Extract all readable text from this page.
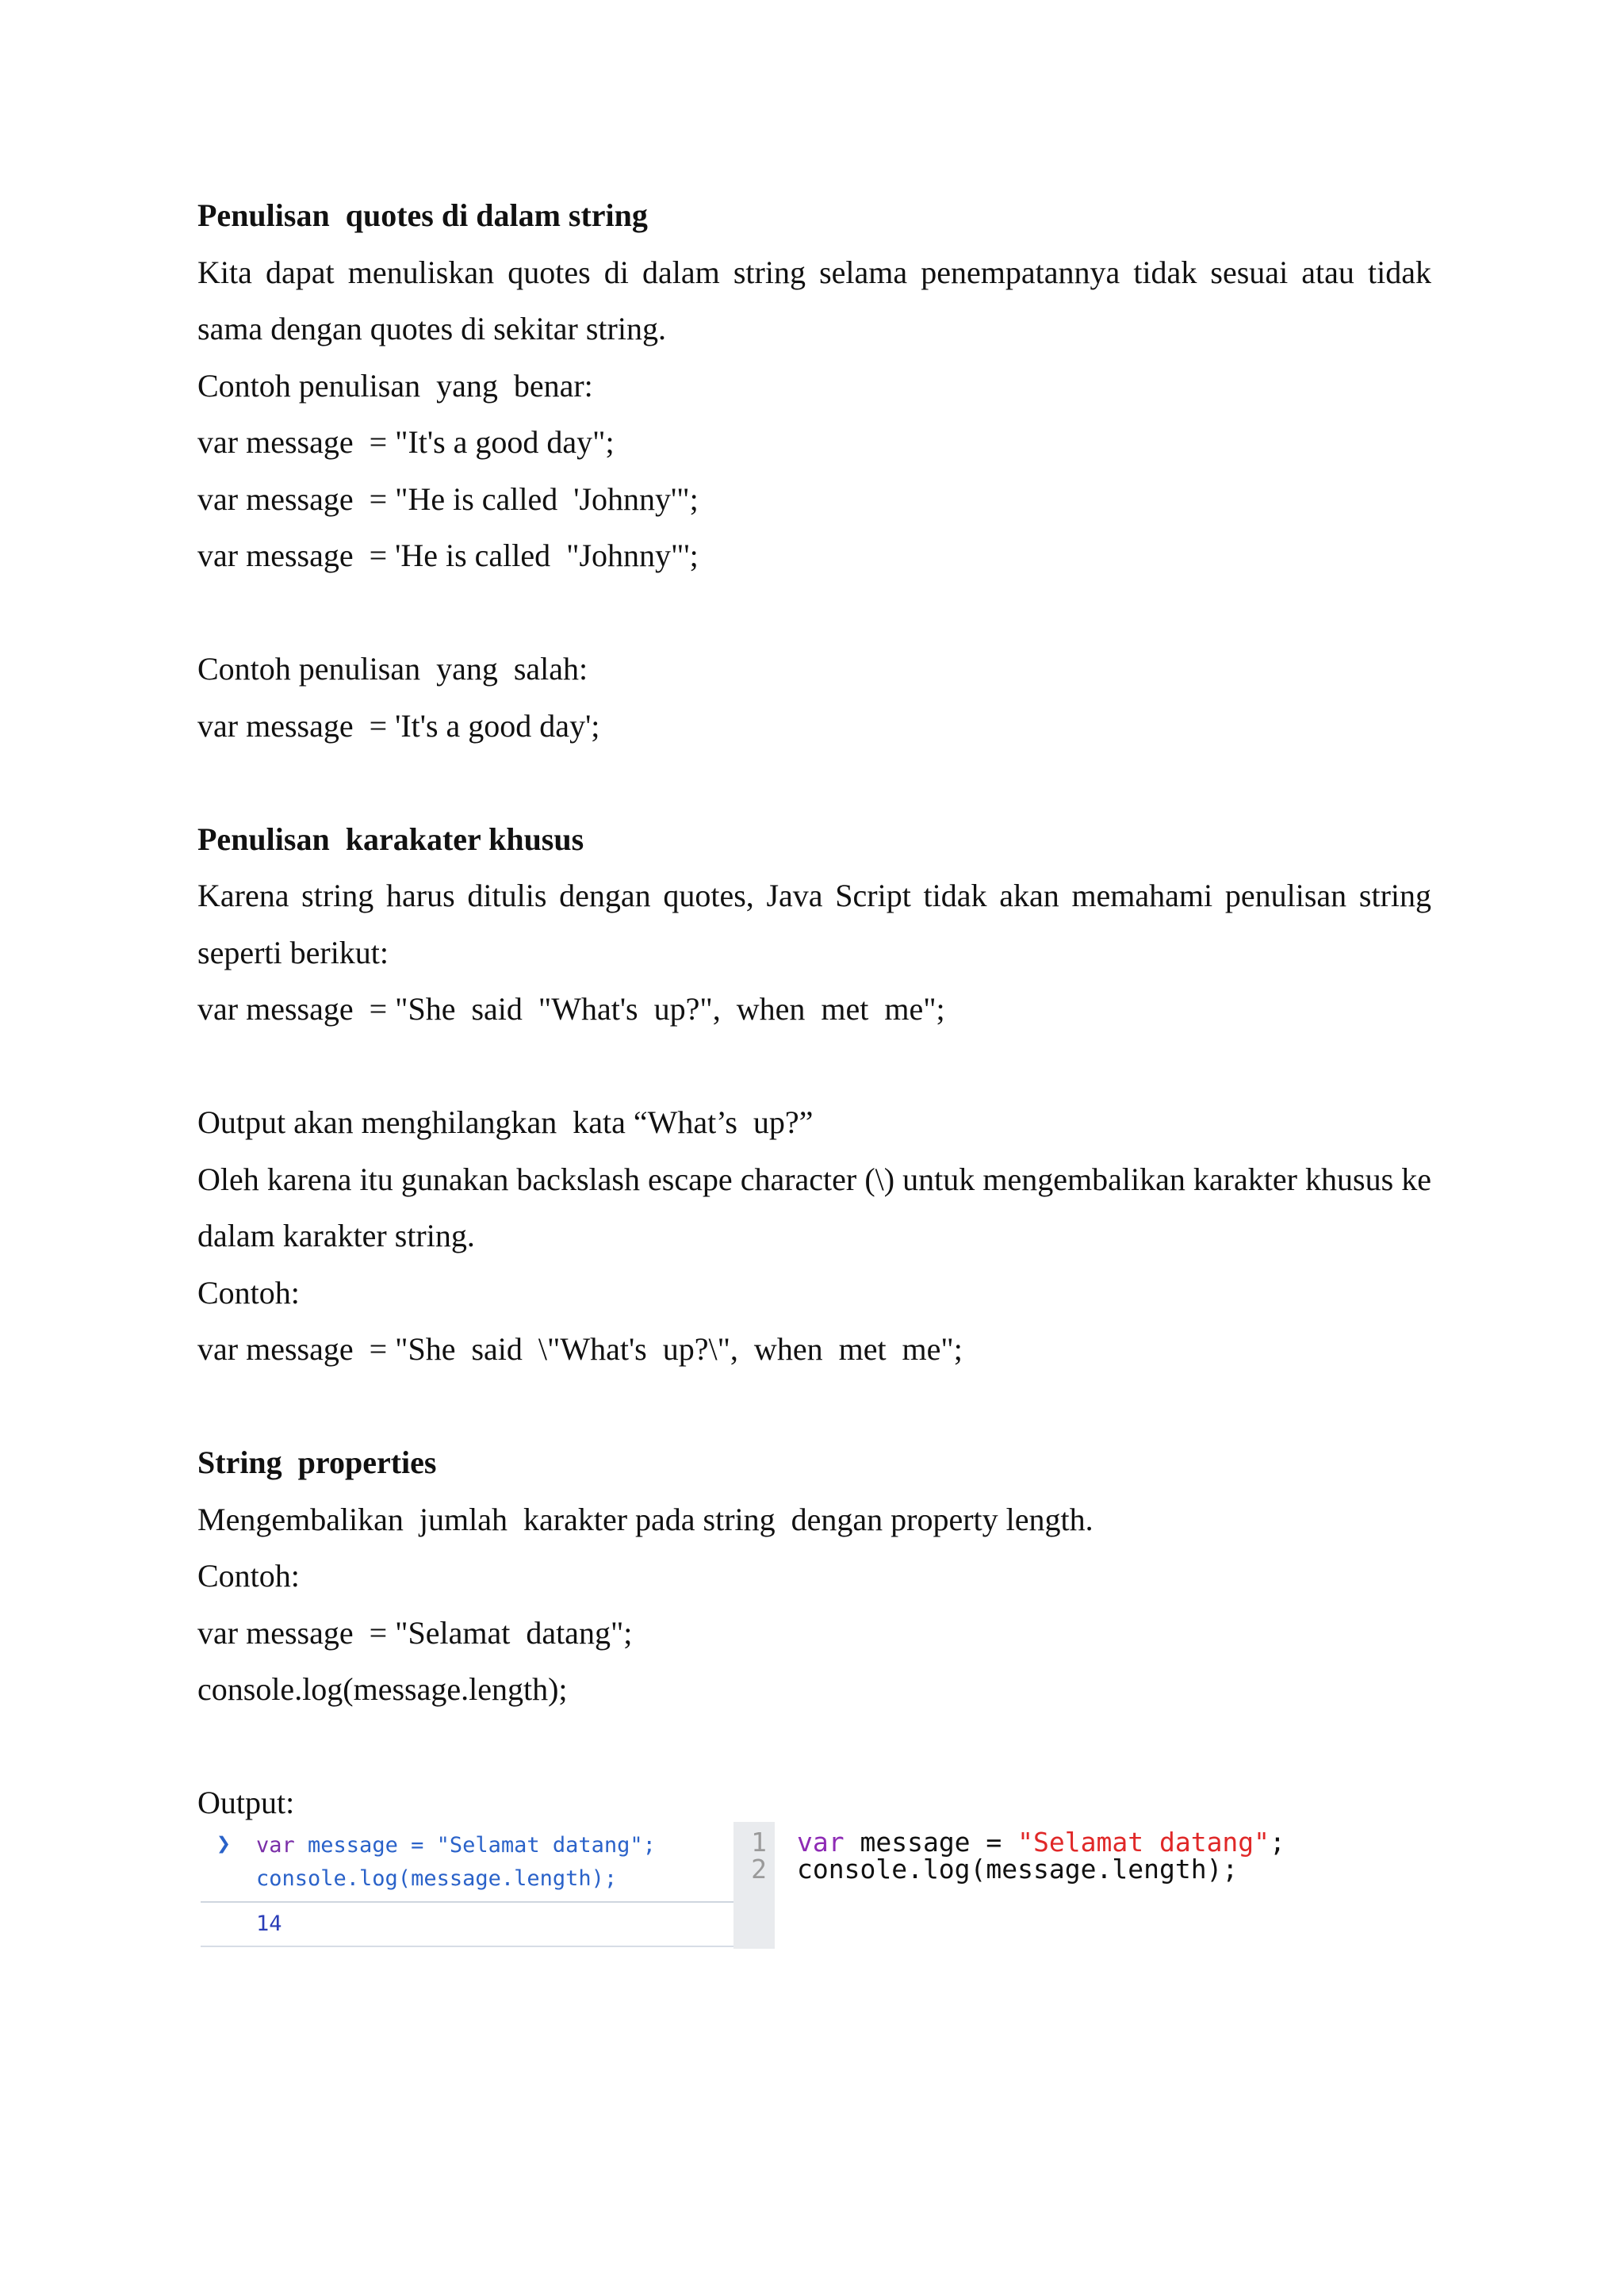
Penulisan  quotes di dalam string
Kita dapat menuliskan quotes di dalam string selama penempatannya tidak sesuai atau tidak sama dengan quotes di sekitar string.
Contoh penulisan  yang  benar:
var message  = "It's a good day";
var message  = "He is called  'Johnny'";
var message  = 'He is called  "Johnny"';
Contoh penulisan  yang  salah:
var message  = 'It's a good day';
Penulisan  karakater khusus
Karena string harus ditulis dengan quotes, Java Script tidak akan memahami penulisan string seperti berikut:
var message  = "She  said  "What's  up?",  when  met  me";
Output akan menghilangkan  kata “What’s  up?”
Oleh karena itu gunakan backslash escape character (\) untuk mengembalikan karakter khusus ke dalam karakter string.
Contoh:
var message  = "She  said  \"What's  up?\",  when  met  me";
String  properties
Mengembalikan  jumlah  karakter pada string  dengan property length.
Contoh:
var message  = "Selamat  datang";
console.log(message.length);
Output:
❯ var message = "Selamat datang";
console.log(message.length);
14
1
2
var message = "Selamat datang";
console.log(message.length);
